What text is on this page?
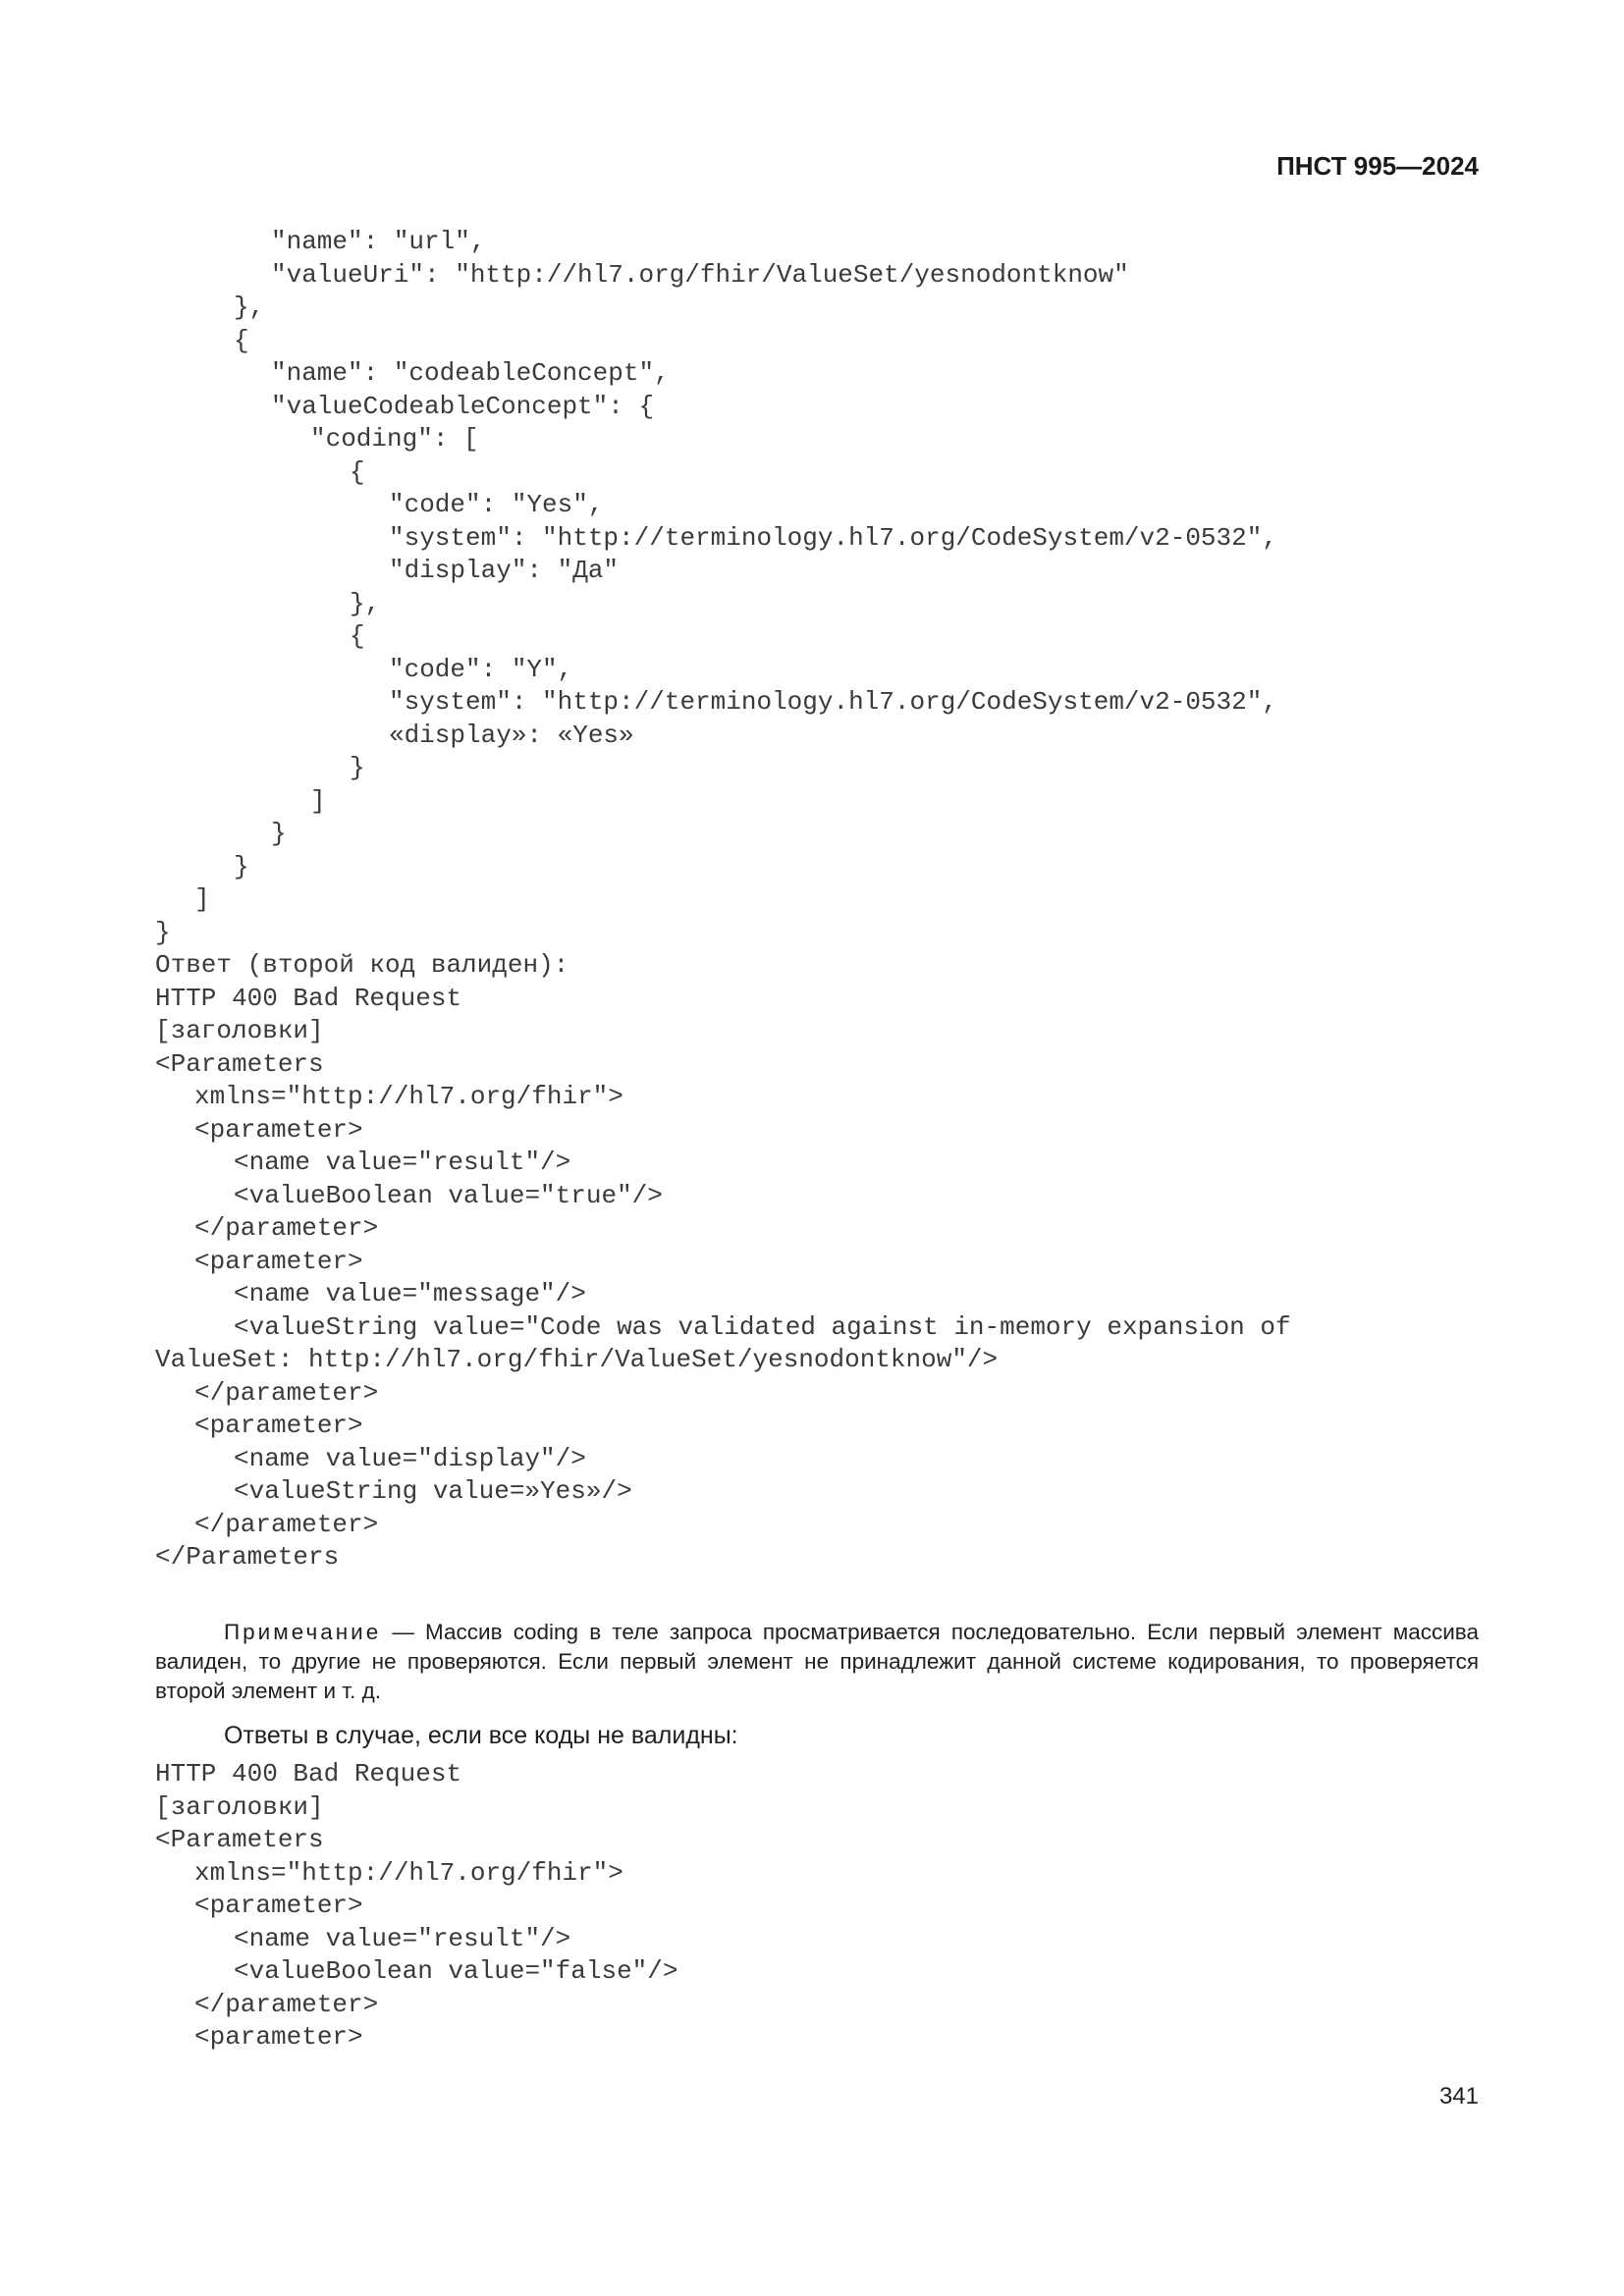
ПНСТ 995—2024
"name": "url",
"valueUri": "http://hl7.org/fhir/ValueSet/yesnodontknow"
},
{
"name": "codeableConcept",
"valueCodeableConcept": {
"coding": [
{
"code": "Yes",
"system": "http://terminology.hl7.org/CodeSystem/v2-0532",
"display": "Да"
},
{
"code": "Y",
"system": "http://terminology.hl7.org/CodeSystem/v2-0532",
«display»: «Yes»
}
]
}
}
]
}
Ответ (второй код валиден):
HTTP 400 Bad Request
[заголовки]
<Parameters
xmlns="http://hl7.org/fhir">
<parameter>
<name value="result"/>
<valueBoolean value="true"/>
</parameter>
<parameter>
<name value="message"/>
<valueString value="Code was validated against in-memory expansion of
ValueSet: http://hl7.org/fhir/ValueSet/yesnodontknow"/>
</parameter>
<parameter>
<name value="display"/>
<valueString value=»Yes»/>
</parameter>
</Parameters

Примечание — Массив coding в теле запроса просматривается последовательно. Если первый элемент массива валиден, то другие не проверяются. Если первый элемент не принадлежит данной системе кодирования, то проверяется второй элемент и т. д.

Ответы в случае, если все коды не валидны:
HTTP 400 Bad Request
[заголовки]
<Parameters
xmlns="http://hl7.org/fhir">
<parameter>
<name value="result"/>
<valueBoolean value="false"/>
</parameter>
<parameter>
341
